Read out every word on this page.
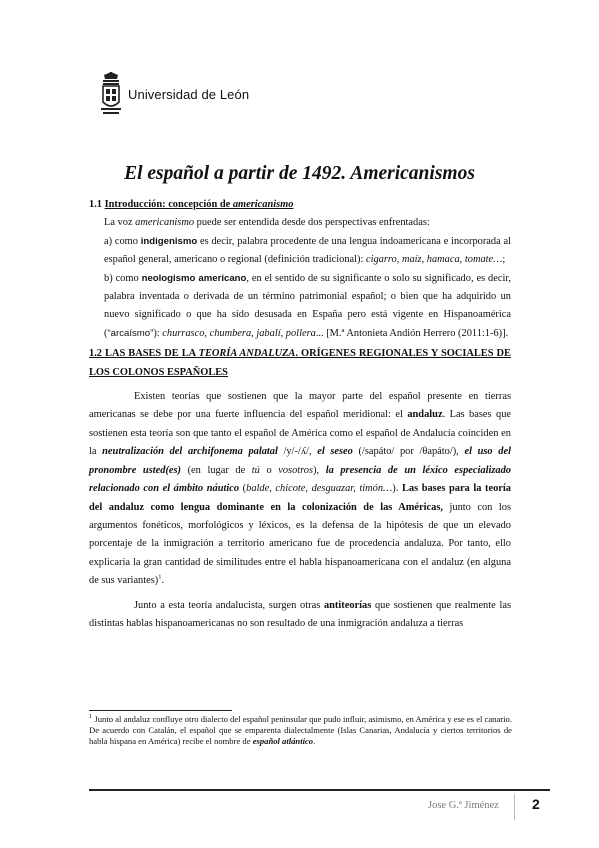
Universidad de León
El español a partir de 1492. Americanismos

1.1 Introducción: concepción de americanismo

La voz americanismo puede ser entendida desde dos perspectivas enfrentadas:

a) como indigenismo es decir, palabra procedente de una lengua indoamericana e incorporada al español general, americano o regional (definición tradicional): cigarro, maíz, hamaca, tomate…;

b) como neologismo americano, en el sentido de su significante o solo su significado, es decir, palabra inventada o derivada de un término patrimonial español; o bien que ha adquirido un nuevo significado o que ha sido desusada en España pero está vigente en Hispanoamérica (“arcaísmo”): churrasco, chumbera, jabalí, pollera... [M.ª Antonieta Andión Herrero (2011:1-6)].

1.2 LAS BASES DE LA TEORÍA ANDALUZA. ORÍGENES REGIONALES Y SOCIALES DE LOS COLONOS ESPAÑOLES

Existen teorías que sostienen que la mayor parte del español presente en tierras americanas se debe por una fuerte influencia del español meridional: el andaluz. Las bases que sostienen esta teoría son que tanto el español de América como el español de Andalucía coinciden en la neutralización del archifonema palatal /y/-/ʎ/, el seseo (/sapáto/ por /θapáto/), el uso del pronombre usted(es) (en lugar de tú o vosotros), la presencia de un léxico especializado relacionado con el ámbito náutico (balde, chicote, desguazar, timón…). Las bases para la teoría del andaluz como lengua dominante en la colonización de las Américas, junto con los argumentos fonéticos, morfológicos y léxicos, es la defensa de la hipótesis de que un elevado porcentaje de la inmigración a territorio americano fue de procedencia andaluza. Por tanto, ello explicaría la gran cantidad de similitudes entre el habla hispanoamericana con el andaluz (en alguna de sus variantes)$^1$.

Junto a esta teoría andalucista, surgen otras antiteorías que sostienen que realmente las distintas hablas hispanoamericanas no son resultado de una inmigración andaluza a tierras

$^1$ Junto al andaluz confluye otro dialecto del español peninsular que pudo influir, asimismo, en América y ese es el canario. De acuerdo con Catalán, el español que se emparenta dialectalmente (Islas Canarias, Andalucía y ciertos territorios de habla hispana en América) recibe el nombre de español atlántico.
Jose G.ª Jiménez 2
